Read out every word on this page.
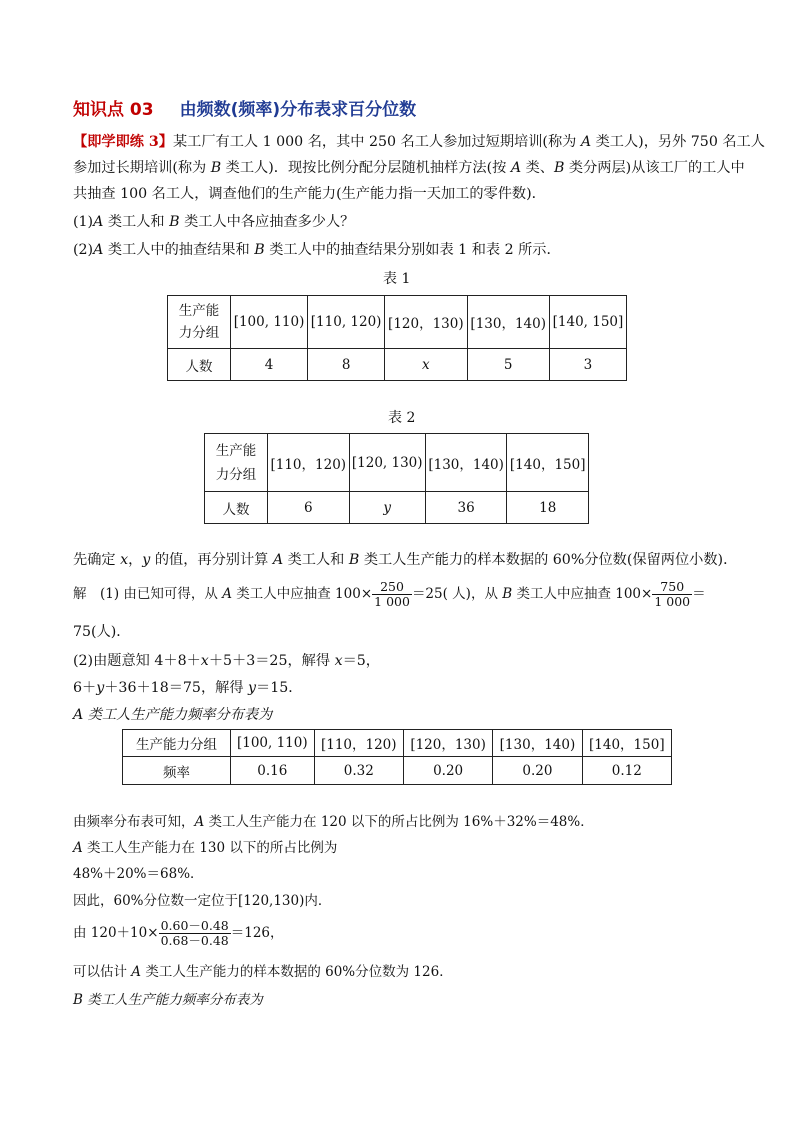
知识点 03 由频数(频率)分布表求百分位数
【即学即练 3】某工厂有工人 1 000 名，其中 250 名工人参加过短期培训(称为 A 类工人)，另外 750 名工人
参加过长期培训(称为 B 类工人)．现按比例分配分层随机抽样方法(按 A 类、B 类分两层)从该工厂的工人中
共抽查 100 名工人，调查他们的生产能力(生产能力指一天加工的零件数)．
(1)A 类工人和 B 类工人中各应抽查多少人？
(2)A 类工人中的抽查结果和 B 类工人中的抽查结果分别如表 1 和表 2 所示．
表 1
生产能
力分组	[100, 110)	[110, 120)	[120，130)	[130，140)	[140, 150]
人数	4	8	x	5	3
表 2
生产能
力分组	[110，120)	[120, 130)	[130，140)	[140，150]
人数	6	y	36	18
先确定 x，y 的值，再分别计算 A 类工人和 B 类工人生产能力的样本数据的 60%分位数(保留两位小数)．
解　(1) 由已知可得，从 A 类工人中应抽查 $100\times \frac{250}{1 000} =25$( 人)，从 B 类工人中应抽查 $100\times \frac{750}{1 000}$ ＝
75(人)．
(2)由题意知 4＋8＋x＋5＋3＝25，解得 x＝5，
6＋y＋36＋18＝75，解得 y＝15．
A 类工人生产能力频率分布表为
生产能力分组	[100, 110)	[110，120)	[120，130)	[130，140)	[140，150]
频率	0.16	0.32	0.20	0.20	0.12
由频率分布表可知，A 类工人生产能力在 120 以下的所占比例为 16%＋32%＝48%．
A 类工人生产能力在 130 以下的所占比例为
48%＋20%＝68%．
因此，60%分位数一定位于[120,130)内．
由 $120+10\times \frac{0.60-0.48}{0.68-0.48} =126$，
可以估计 A 类工人生产能力的样本数据的 60%分位数为 126．
B 类工人生产能力频率分布表为
